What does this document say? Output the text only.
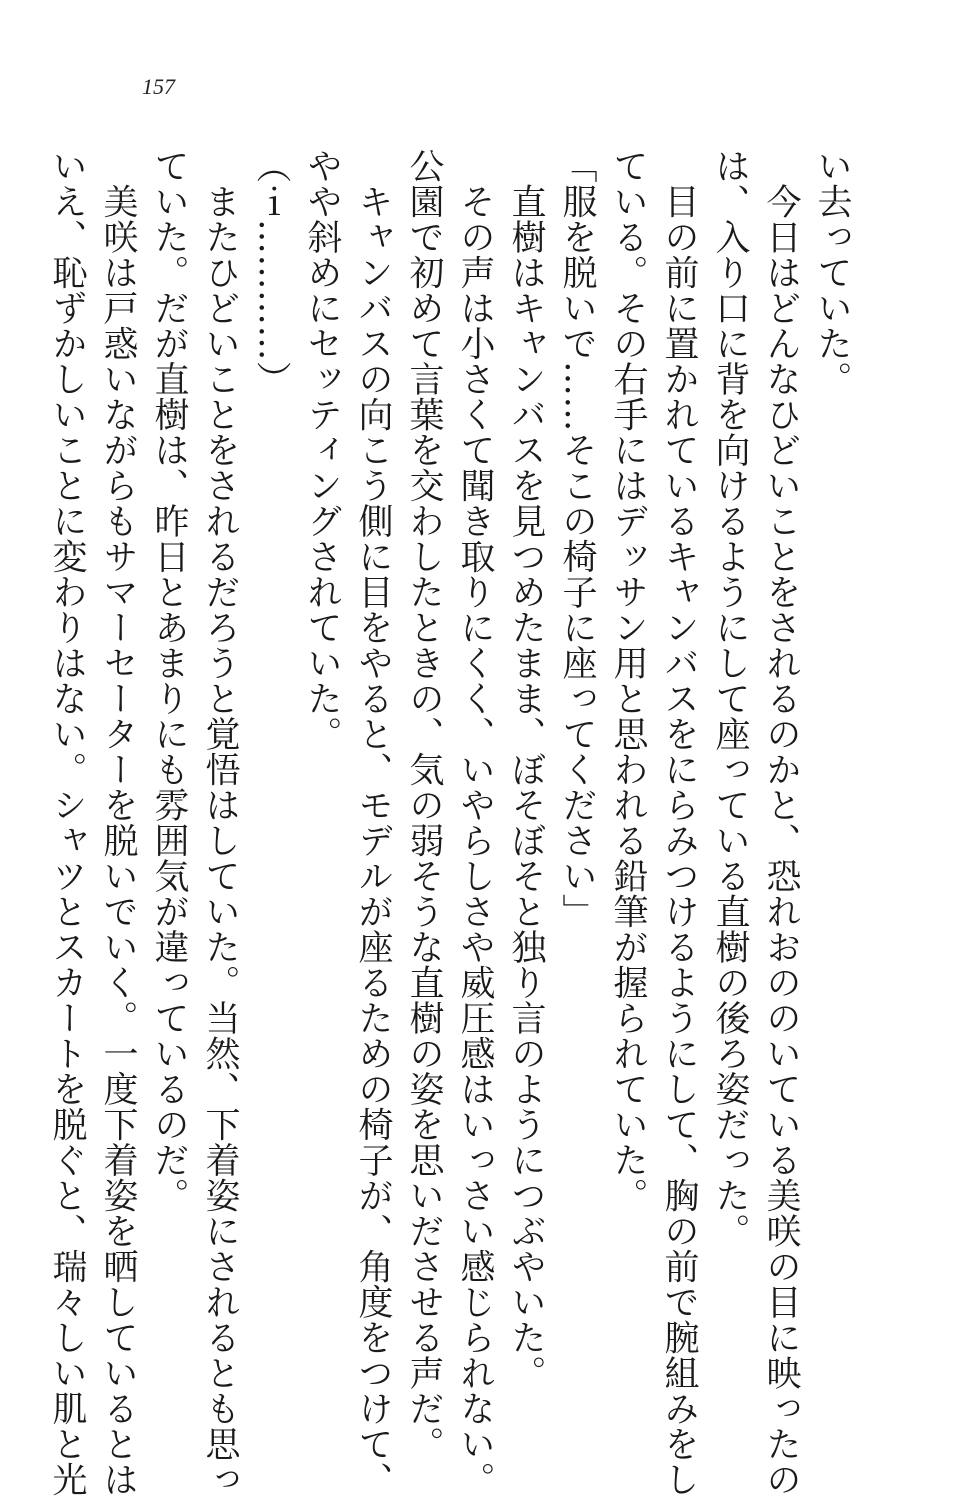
157
い去っていた。
　今日はどんなひどいことをされるのかと、恐れおののいている美咲の目に映ったの
は、入り口に背を向けるようにして座っている直樹の後ろ姿だった。
　目の前に置かれているキャンバスをにらみつけるようにして、胸の前で腕組みをし
ている。その右手にはデッサン用と思われる鉛筆が握られていた。
「服を脱いで……そこの椅子に座ってください」
　直樹はキャンバスを見つめたまま、ぼそぼそと独り言のようにつぶやいた。
　その声は小さくて聞き取りにくく、いやらしさや威圧感はいっさい感じられない。
公園で初めて言葉を交わしたときの、気の弱そうな直樹の姿を思いださせる声だ。
　キャンバスの向こう側に目をやると、モデルが座るための椅子が、角度をつけて、
やや斜めにセッティングされていた。
（ｉ…………）
　またひどいことをされるだろうと覚悟はしていた。当然、下着姿にされるとも思っ
ていた。だが直樹は、昨日とあまりにも雰囲気が違っているのだ。
　美咲は戸惑いながらもサマーセーターを脱いでいく。一度下着姿を晒しているとは
いえ、恥ずかしいことに変わりはない。シャツとスカートを脱ぐと、瑞々しい肌と光
